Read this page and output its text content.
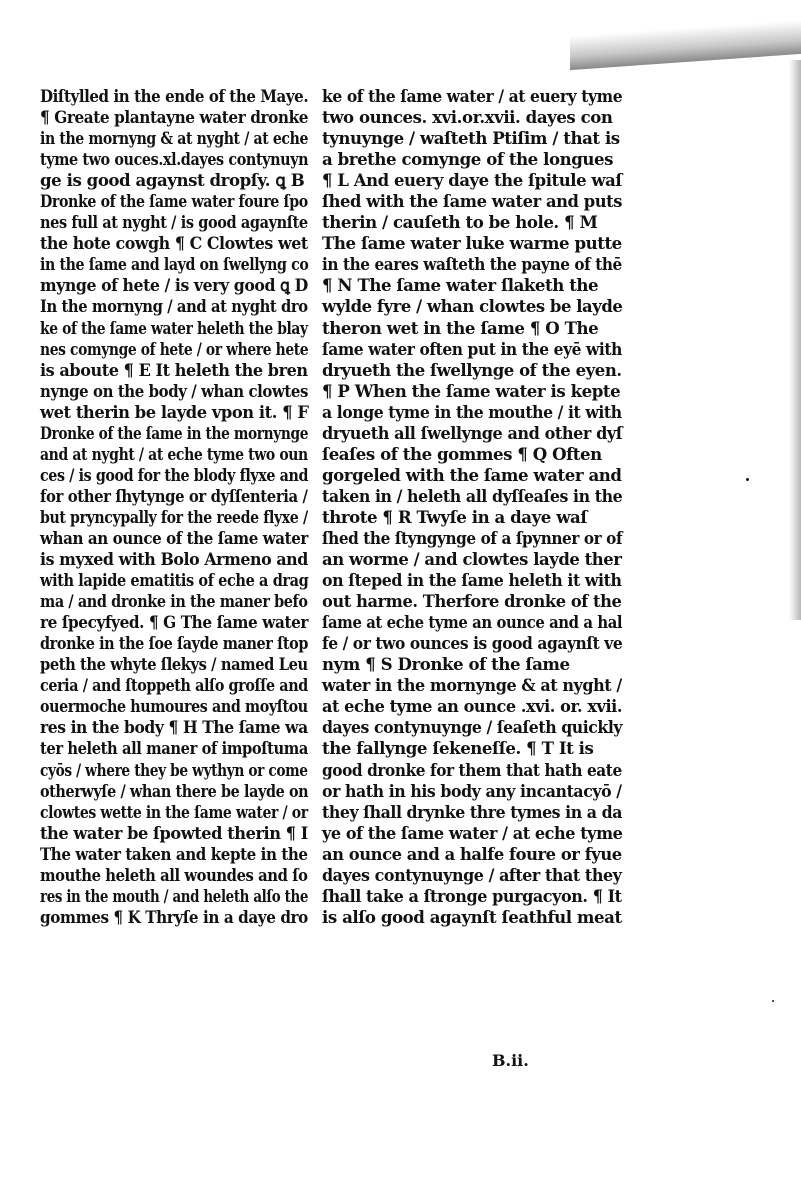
Diſtylled in the ende of the Maye.
¶ Greate plantayne water dronke
in the mornyng & at nyght / at eche
tyme two ouces.xl.dayes contynuyn
ge is good agaynst dropſy. ꝗ B
Dronke of the ſame water foure ſpo
nes full at nyght / is good agaynſte
the hote cowgh ¶ C Clowtes wet
in the ſame and layd on ſwellyng co
mynge of hete / is very good ꝗ D
In the mornyng / and at nyght dro
ke of the ſame water heleth the blay
nes comynge of hete / or where hete
is aboute ¶ E It heleth the bren
nynge on the body / whan clowtes
wet therin be layde vpon it. ¶ F
Dronke of the ſame in the mornynge
and at nyght / at eche tyme two oun
ces / is good for the blody flyxe and
for other ſhytynge or dyſſenteria /
but pryncypally for the reede flyxe /
whan an ounce of the ſame water
is myxed with Bolo Armeno and
with lapide ematitis of eche a drag
ma / and dronke in the maner befo
re ſpecyfyed. ¶ G The ſame water
dronke in the ſoe ſayde maner ſtop
peth the whyte ſlekys / named Leu
ceria / and ſtoppeth alſo groſſe and
ouermoche humoures and moyſtou
res in the body ¶ H The ſame wa
ter heleth all maner of impoſtuma
cyōs / where they be wythyn or come
otherwyſe / whan there be layde on
clowtes wette in the ſame water / or
the water be ſpowted therin ¶ I
The water taken and kepte in the
mouthe heleth all woundes and ſo
res in the mouth / and heleth alſo the
gommes ¶ K Thryſe in a daye dro
ke of the ſame water / at euery tyme
two ounces. xvi.or.xvii. dayes con
tynuynge / waſteth Ptiſim / that is
a brethe comynge of the longues
¶ L And euery daye the ſpitule waſ
ſhed with the ſame water and puts
therin / cauſeth to be hole. ¶ M
The ſame water luke warme putte
in the eares waſteth the payne of thē
¶ N The ſame water ſlaketh the
wylde fyre / whan clowtes be layde
theron wet in the ſame ¶ O The
ſame water often put in the eyē with
dryueth the ſwellynge of the eyen.
¶ P When the ſame water is kepte
a longe tyme in the mouthe / it with
dryueth all ſwellynge and other dyſ
ſeaſes of the gommes ¶ Q Often
gorgeled with the ſame water and
taken in / heleth all dyſſeaſes in the
throte ¶ R Twyſe in a daye waſ
ſhed the ſtyngynge of a ſpynner or of
an worme / and clowtes layde ther
on ſteped in the ſame heleth it with
out harme. Therfore dronke of the
ſame at eche tyme an ounce and a hal
fe / or two ounces is good agaynſt ve
nym ¶ S Dronke of the ſame
water in the mornynge & at nyght /
at eche tyme an ounce .xvi. or. xvii.
dayes contynuynge / ſeaſeth quickly
the fallynge ſekeneſſe. ¶ T It is
good dronke for them that hath eate
or hath in his body any incantacyō /
they ſhall drynke thre tymes in a da
ye of the ſame water / at eche tyme
an ounce and a halfe foure or fyue
dayes contynuynge / after that they
ſhall take a ſtronge purgacyon. ¶ It
is alſo good agaynſt ſeathful meat
B.ii.
